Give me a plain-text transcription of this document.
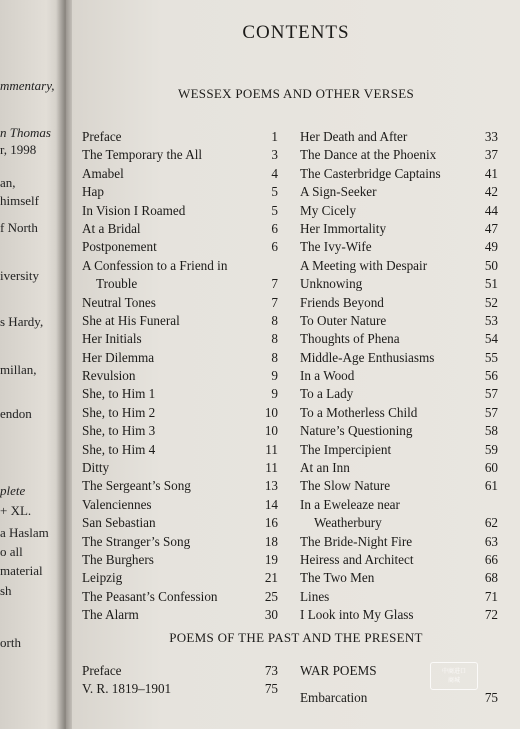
mmentary,
n Thomas
r, 1998
an,
himself
f North
iversity
s Hardy,
millan,
endon
plete
+ XL.
a Haslam
o all
material
sh
orth
CONTENTS
WESSEX POEMS AND OTHER VERSES
Preface	1
The Temporary the All	3
Amabel	4
Hap	5
In Vision I Roamed	5
At a Bridal	6
Postponement	6
A Confession to a Friend in
Trouble	7
Neutral Tones	7
She at His Funeral	8
Her Initials	8
Her Dilemma	8
Revulsion	9
She, to Him 1	9
She, to Him 2	10
She, to Him 3	10
She, to Him 4	11
Ditty	11
The Sergeant’s Song	13
Valenciennes	14
San Sebastian	16
The Stranger’s Song	18
The Burghers	19
Leipzig	21
The Peasant’s Confession	25
The Alarm	30
Her Death and After	33
The Dance at the Phoenix	37
The Casterbridge Captains	41
A Sign-Seeker	42
My Cicely	44
Her Immortality	47
The Ivy-Wife	49
A Meeting with Despair	50
Unknowing	51
Friends Beyond	52
To Outer Nature	53
Thoughts of Phena	54
Middle-Age Enthusiasms	55
In a Wood	56
To a Lady	57
To a Motherless Child	57
Nature’s Questioning	58
The Impercipient	59
At an Inn	60
The Slow Nature	61
In a Eweleaze near
Weatherbury	62
The Bride-Night Fire	63
Heiress and Architect	66
The Two Men	68
Lines	71
I Look into My Glass	72
POEMS OF THE PAST AND THE PRESENT
Preface	73
V. R. 1819–1901	75
WAR POEMS
Embarcation	75
中商进口
商城
